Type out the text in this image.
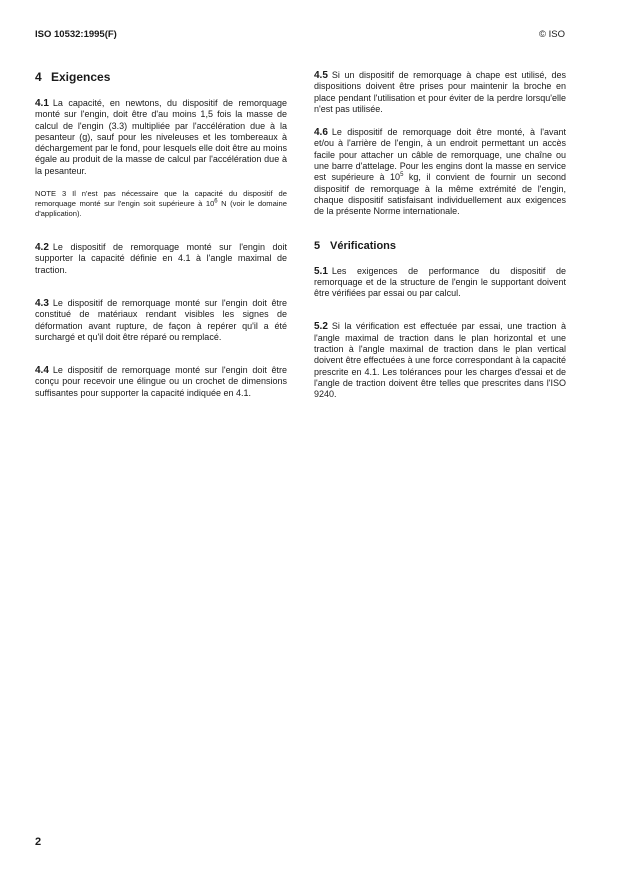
ISO 10532:1995(F)	© ISO
4 Exigences

4.1 La capacité, en newtons, du dispositif de remorquage monté sur l'engin, doit être d'au moins 1,5 fois la masse de calcul de l'engin (3.3) multipliée par l'accélération due à la pesanteur (g), sauf pour les niveleuses et les tombereaux à déchargement par le fond, pour lesquels elle doit être au moins égale au produit de la masse de calcul par l'accélération due à la pesanteur.

NOTE 3 Il n'est pas nécessaire que la capacité du dispositif de remorquage monté sur l'engin soit supérieure à $10^6$ N (voir le domaine d'application).

4.2 Le dispositif de remorquage monté sur l'engin doit supporter la capacité définie en 4.1 à l'angle maximal de traction.

4.3 Le dispositif de remorquage monté sur l'engin doit être constitué de matériaux rendant visibles les signes de déformation avant rupture, de façon à repérer qu'il a été surchargé et qu'il doit être réparé ou remplacé.

4.4 Le dispositif de remorquage monté sur l'engin doit être conçu pour recevoir une élingue ou un crochet de dimensions suffisantes pour supporter la capacité indiquée en 4.1.

4.5 Si un dispositif de remorquage à chape est utilisé, des dispositions doivent être prises pour maintenir la broche en place pendant l'utilisation et pour éviter de la perdre lorsqu'elle n'est pas utilisée.

4.6 Le dispositif de remorquage doit être monté, à l'avant et/ou à l'arrière de l'engin, à un endroit permettant un accès facile pour attacher un câble de remorquage, une chaîne ou une barre d'attelage. Pour les engins dont la masse en service est supérieure à $10^5$ kg, il convient de fournir un second dispositif de remorquage à la même extrémité de l'engin, chaque dispositif satisfaisant individuellement aux exigences de la présente Norme internationale.

5 Vérifications

5.1 Les exigences de performance du dispositif de remorquage et de la structure de l'engin le supportant doivent être vérifiées par essai ou par calcul.

5.2 Si la vérification est effectuée par essai, une traction à l'angle maximal de traction dans le plan horizontal et une traction à l'angle maximal de traction dans le plan vertical doivent être effectuées à une force correspondant à la capacité prescrite en 4.1. Les tolérances pour les charges d'essai et de l'angle de traction doivent être telles que prescrites dans l'ISO 9240.

2
